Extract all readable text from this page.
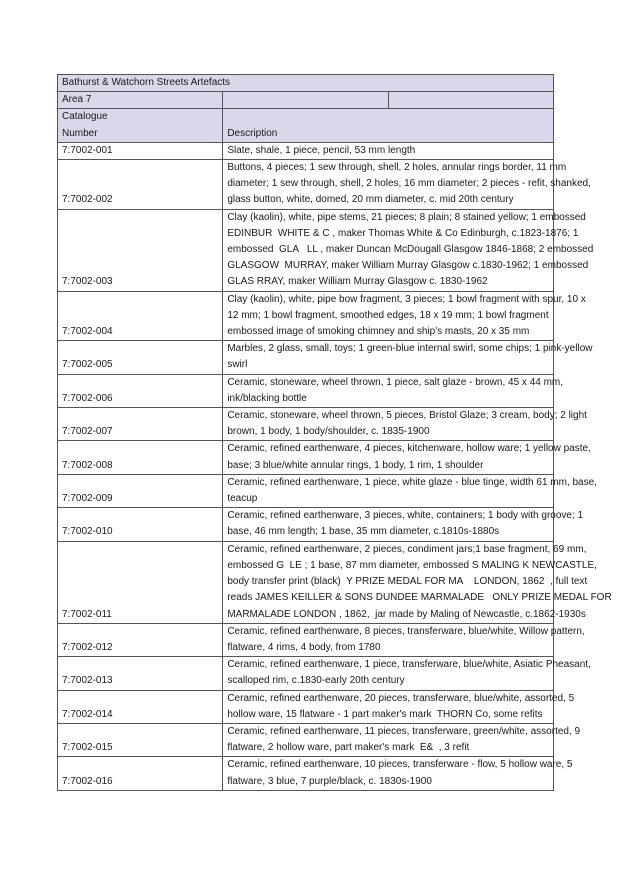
Bathurst & Watchorn Streets Artefacts		
Area 7		

Catalogue
Number	Description	
7:7002-001	Slate, shale, 1 piece, pencil, 53 mm length	

7:7002-002	Buttons, 4 pieces; 1 sew through, shell, 2 holes, annular rings border, 11 mm
diameter; 1 sew through, shell, 2 holes, 16 mm diameter; 2 pieces - refit, shanked,
glass button, white, domed, 20 mm diameter, c. mid 20th century	

7:7002-003	Clay (kaolin), white, pipe stems, 21 pieces; 8 plain; 8 stained yellow; 1 embossed
EDINBUR  WHITE & C , maker Thomas White & Co Edinburgh, c.1823-1876; 1
embossed  GLA   LL , maker Duncan McDougall Glasgow 1846-1868; 2 embossed
GLASGOW  MURRAY, maker William Murray Glasgow c.1830-1962; 1 embossed
GLAS RRAY, maker William Murray Glasgow c. 1830-1962	

7:7002-004	Clay (kaolin), white, pipe bow fragment, 3 pieces; 1 bowl fragment with spur, 10 x
12 mm; 1 bowl fragment, smoothed edges, 18 x 19 mm; 1 bowl fragment
embossed image of smoking chimney and ship's masts, 20 x 35 mm	

7:7002-005	Marbles, 2 glass, small, toys; 1 green-blue internal swirl, some chips; 1 pink-yellow
swirl	

7:7002-006	Ceramic, stoneware, wheel thrown, 1 piece, salt glaze - brown, 45 x 44 mm,
ink/blacking bottle	

7:7002-007	Ceramic, stoneware, wheel thrown, 5 pieces, Bristol Glaze; 3 cream, body; 2 light
brown, 1 body, 1 body/shoulder, c. 1835-1900	

7:7002-008	Ceramic, refined earthenware, 4 pieces, kitchenware, hollow ware; 1 yellow paste,
base; 3 blue/white annular rings, 1 body, 1 rim, 1 shoulder	

7:7002-009	Ceramic, refined earthenware, 1 piece, white glaze - blue tinge, width 61 mm, base,
teacup	

7:7002-010	Ceramic, refined earthenware, 3 pieces, white, containers; 1 body with groove; 1
base, 46 mm length; 1 base, 35 mm diameter, c.1810s-1880s	

7:7002-011	Ceramic, refined earthenware, 2 pieces, condiment jars;1 base fragment, 69 mm,
embossed G  LE ; 1 base, 87 mm diameter, embossed S MALING K NEWCASTLE,
body transfer print (black)  Y PRIZE MEDAL FOR MA    LONDON, 1862  , full text
reads JAMES KEILLER & SONS DUNDEE MARMALADE   ONLY PRIZE MEDAL FOR
MARMALADE LONDON , 1862,  jar made by Maling of Newcastle, c.1862-1930s	

7:7002-012	Ceramic, refined earthenware, 8 pieces, transferware, blue/white, Willow pattern,
flatware, 4 rims, 4 body, from 1780	

7:7002-013	Ceramic, refined earthenware, 1 piece, transferware, blue/white, Asiatic Pheasant,
scalloped rim, c.1830-early 20th century	

7:7002-014	Ceramic, refined earthenware, 20 pieces, transferware, blue/white, assorted, 5
hollow ware, 15 flatware - 1 part maker's mark  THORN Co, some refits	

7:7002-015	Ceramic, refined earthenware, 11 pieces, transferware, green/white, assorted, 9
flatware, 2 hollow ware, part maker's mark  E&  , 3 refit	

7:7002-016	Ceramic, refined earthenware, 10 pieces, transferware - flow, 5 hollow ware, 5
flatware, 3 blue, 7 purple/black, c. 1830s-1900	
